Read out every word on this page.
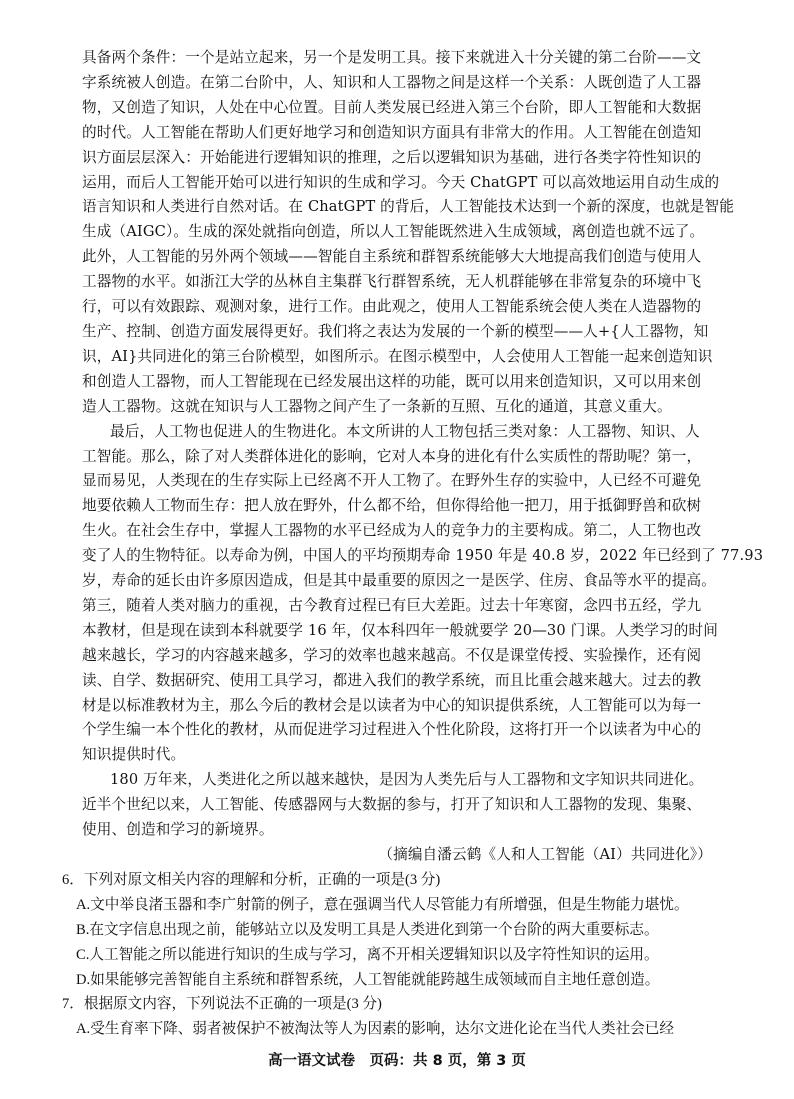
具备两个条件：一个是站立起来，另一个是发明工具。接下来就进入十分关键的第二台阶——文
字系统被人创造。在第二台阶中，人、知识和人工器物之间是这样一个关系：人既创造了人工器
物，又创造了知识，人处在中心位置。目前人类发展已经进入第三个台阶，即人工智能和大数据
的时代。人工智能在帮助人们更好地学习和创造知识方面具有非常大的作用。人工智能在创造知
识方面层层深入：开始能进行逻辑知识的推理，之后以逻辑知识为基础，进行各类字符性知识的
运用，而后人工智能开始可以进行知识的生成和学习。今天 ChatGPT 可以高效地运用自动生成的
语言知识和人类进行自然对话。在 ChatGPT 的背后，人工智能技术达到一个新的深度，也就是智能
生成（AIGC）。生成的深处就指向创造，所以人工智能既然进入生成领域，离创造也就不远了。
此外，人工智能的另外两个领域——智能自主系统和群智系统能够大大地提高我们创造与使用人
工器物的水平。如浙江大学的丛林自主集群飞行群智系统，无人机群能够在非常复杂的环境中飞
行，可以有效跟踪、观测对象，进行工作。由此观之，使用人工智能系统会使人类在人造器物的
生产、控制、创造方面发展得更好。我们将之表达为发展的一个新的模型——人+{人工器物，知
识，AI}共同进化的第三台阶模型，如图所示。在图示模型中，人会使用人工智能一起来创造知识
和创造人工器物，而人工智能现在已经发展出这样的功能，既可以用来创造知识，又可以用来创
造人工器物。这就在知识与人工器物之间产生了一条新的互照、互化的通道，其意义重大。
最后，人工物也促进人的生物进化。本文所讲的人工物包括三类对象：人工器物、知识、人
工智能。那么，除了对人类群体进化的影响，它对人本身的进化有什么实质性的帮助呢？第一，
显而易见，人类现在的生存实际上已经离不开人工物了。在野外生存的实验中，人已经不可避免
地要依赖人工物而生存：把人放在野外，什么都不给，但你得给他一把刀，用于抵御野兽和砍树
生火。在社会生存中，掌握人工器物的水平已经成为人的竞争力的主要构成。第二，人工物也改
变了人的生物特征。以寿命为例，中国人的平均预期寿命 1950 年是 40.8 岁，2022 年已经到了 77.93
岁，寿命的延长由许多原因造成，但是其中最重要的原因之一是医学、住房、食品等水平的提高。
第三，随着人类对脑力的重视，古今教育过程已有巨大差距。过去十年寒窗，念四书五经，学九
本教材，但是现在读到本科就要学 16 年，仅本科四年一般就要学 20—30 门课。人类学习的时间
越来越长，学习的内容越来越多，学习的效率也越来越高。不仅是课堂传授、实验操作，还有阅
读、自学、数据研究、使用工具学习，都进入我们的教学系统，而且比重会越来越大。过去的教
材是以标准教材为主，那么今后的教材会是以读者为中心的知识提供系统，人工智能可以为每一
个学生编一本个性化的教材，从而促进学习过程进入个性化阶段，这将打开一个以读者为中心的
知识提供时代。
180 万年来，人类进化之所以越来越快，是因为人类先后与人工器物和文字知识共同进化。
近半个世纪以来，人工智能、传感器网与大数据的参与，打开了知识和人工器物的发现、集聚、
使用、创造和学习的新境界。
（摘编自潘云鹤《人和人工智能（AI）共同进化》）
6．下列对原文相关内容的理解和分析，正确的一项是(3 分)
A.文中举良渚玉器和李广射箭的例子，意在强调当代人尽管能力有所增强，但是生物能力堪忧。
B.在文字信息出现之前，能够站立以及发明工具是人类进化到第一个台阶的两大重要标志。
C.人工智能之所以能进行知识的生成与学习，离不开相关逻辑知识以及字符性知识的运用。
D.如果能够完善智能自主系统和群智系统，人工智能就能跨越生成领域而自主地任意创造。
7．根据原文内容，下列说法不正确的一项是(3 分)
A.受生育率下降、弱者被保护不被淘汰等人为因素的影响，达尔文进化论在当代人类社会已经
高一语文试卷　页码：共 8 页，第 3 页
